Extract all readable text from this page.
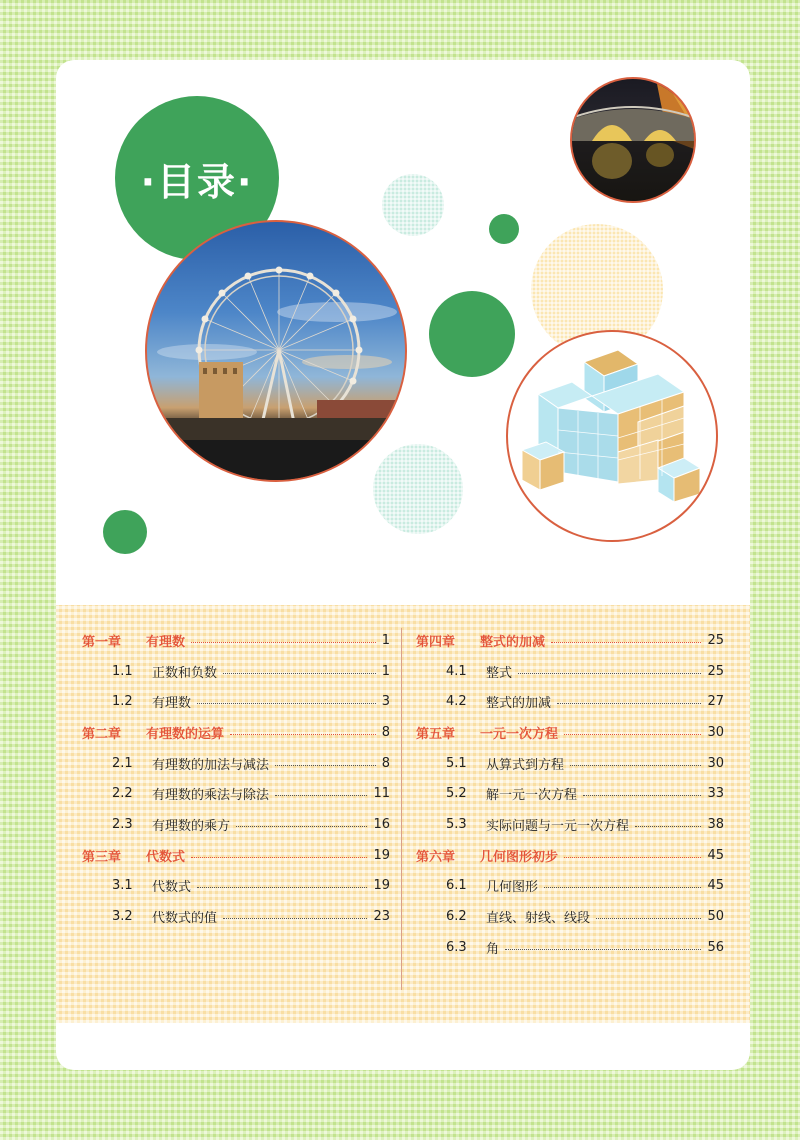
·目录·
第一章	有理数	1
1.1	正数和负数	1
1.2	有理数	3
第二章	有理数的运算	8
2.1	有理数的加法与减法	8
2.2	有理数的乘法与除法	11
2.3	有理数的乘方	16
第三章	代数式	19
3.1	代数式	19
3.2	代数式的值	23
第四章	整式的加减	25
4.1	整式	25
4.2	整式的加减	27
第五章	一元一次方程	30
5.1	从算式到方程	30
5.2	解一元一次方程	33
5.3	实际问题与一元一次方程	38
第六章	几何图形初步	45
6.1	几何图形	45
6.2	直线、射线、线段	50
6.3	角	56
